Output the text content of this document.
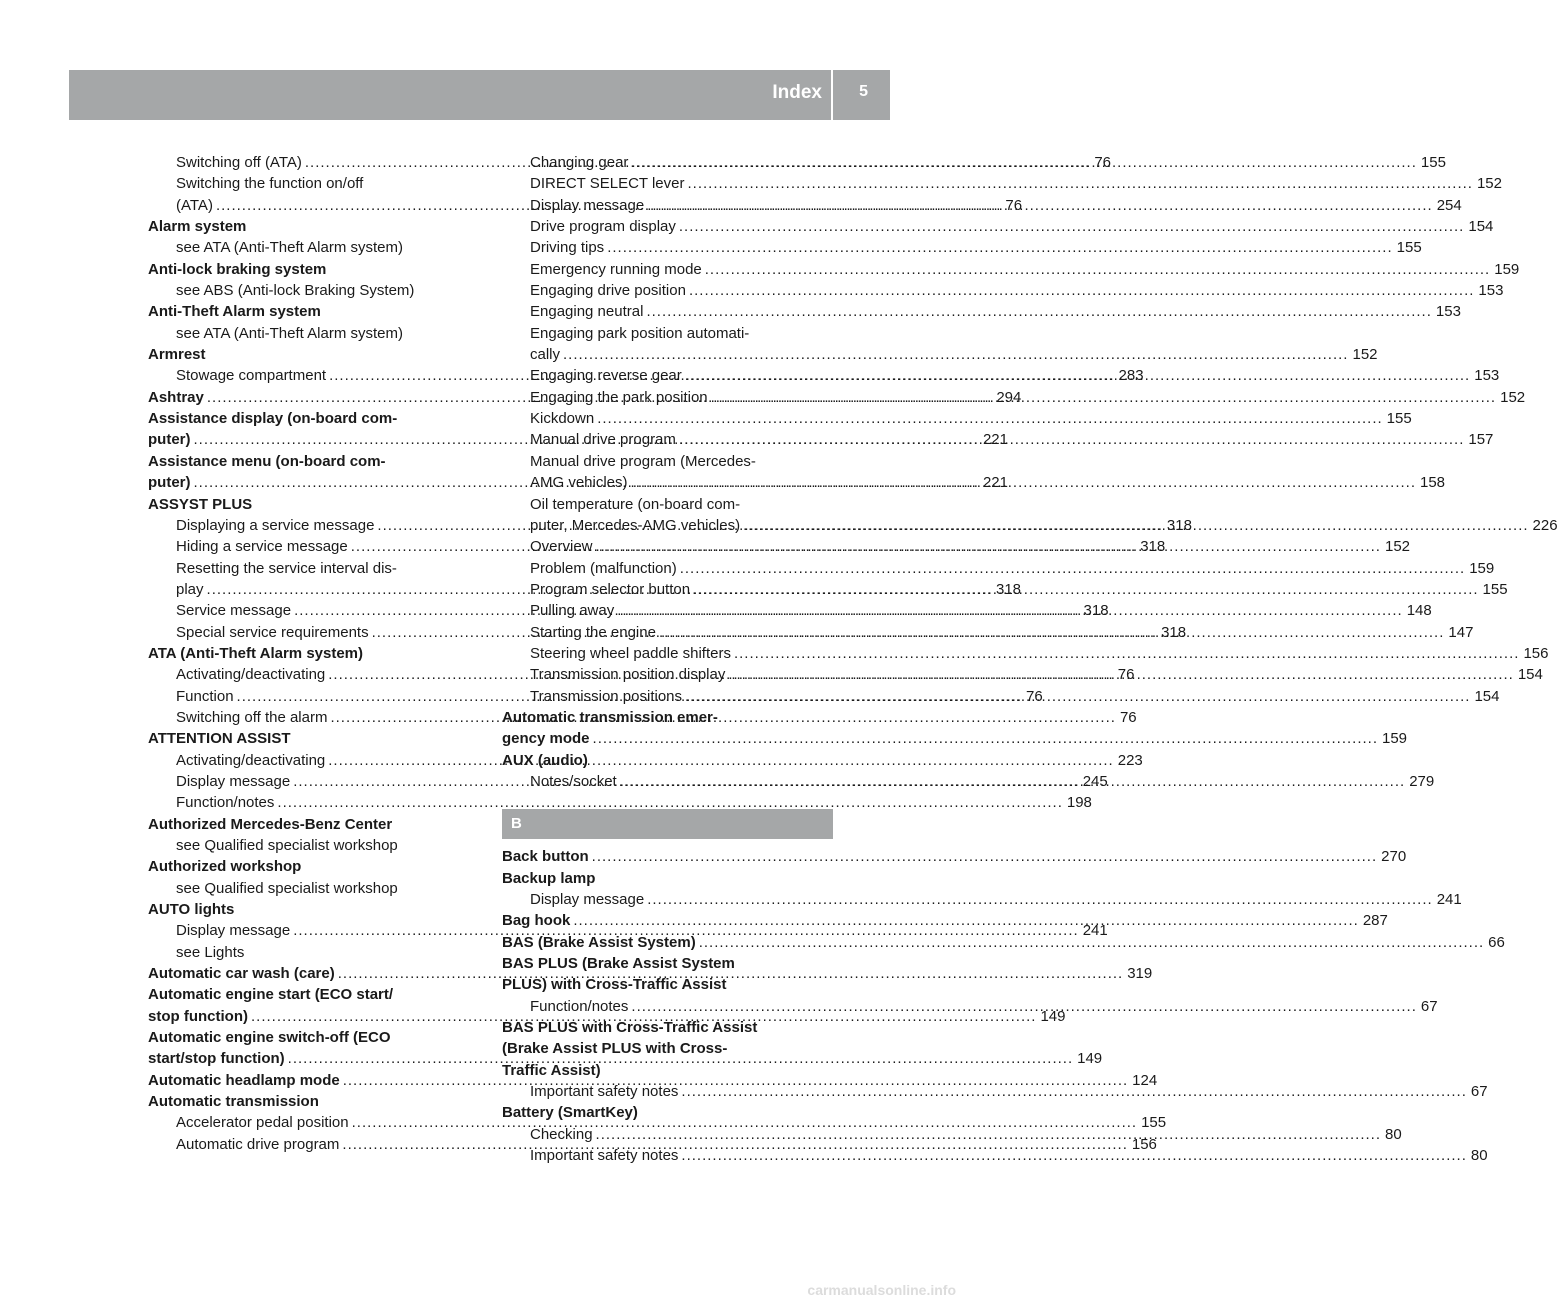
Index 5
Switching off (ATA) .....	76
Switching the function on/off
(ATA) .....	76
Alarm system
see ATA (Anti-Theft Alarm system)
Anti-lock braking system
see ABS (Anti-lock Braking System)
Anti-Theft Alarm system
see ATA (Anti-Theft Alarm system)
Armrest
Stowage compartment .....	283
Ashtray .....	294
Assistance display (on-board com-
puter) .....	221
Assistance menu (on-board com-
puter) .....	221
ASSYST PLUS
Displaying a service message .....	318
Hiding a service message .....	318
Resetting the service interval dis-
play .....	318
Service message .....	318
Special service requirements .....	318
ATA (Anti-Theft Alarm system)
Activating/deactivating .....	76
Function .....	76
Switching off the alarm .....	76
ATTENTION ASSIST
Activating/deactivating .....	223
Display message .....	245
Function/notes .....	198
Authorized Mercedes-Benz Center
see Qualified specialist workshop
Authorized workshop
see Qualified specialist workshop
AUTO lights
Display message .....	241
see Lights
Automatic car wash (care) .....	319
Automatic engine start (ECO start/
stop function) .....	149
Automatic engine switch-off (ECO
start/stop function) .....	149
Automatic headlamp mode .....	124
Automatic transmission
Accelerator pedal position .....	155
Automatic drive program .....	156
Changing gear .....	155
DIRECT SELECT lever .....	152
Display message .....	254
Drive program display .....	154
Driving tips .....	155
Emergency running mode .....	159
Engaging drive position .....	153
Engaging neutral .....	153
Engaging park position automati-
cally .....	152
Engaging reverse gear .....	153
Engaging the park position .....	152
Kickdown .....	155
Manual drive program .....	157
Manual drive program (Mercedes-
AMG vehicles) .....	158
Oil temperature (on-board com-
puter, Mercedes-AMG vehicles) .....	226
Overview .....	152
Problem (malfunction) .....	159
Program selector button .....	155
Pulling away .....	148
Starting the engine .....	147
Steering wheel paddle shifters .....	156
Transmission position display .....	154
Transmission positions .....	154
Automatic transmission emer-
gency mode .....	159
AUX (audio)
Notes/socket .....	279
B
Back button .....	270
Backup lamp
Display message .....	241
Bag hook .....	287
BAS (Brake Assist System) .....	66
BAS PLUS (Brake Assist System
PLUS) with Cross-Traffic Assist
Function/notes .....	67
BAS PLUS with Cross-Traffic Assist
(Brake Assist PLUS with Cross-
Traffic Assist)
Important safety notes .....	67
Battery (SmartKey)
Checking .....	80
Important safety notes .....	80
carmanualsonline.info
